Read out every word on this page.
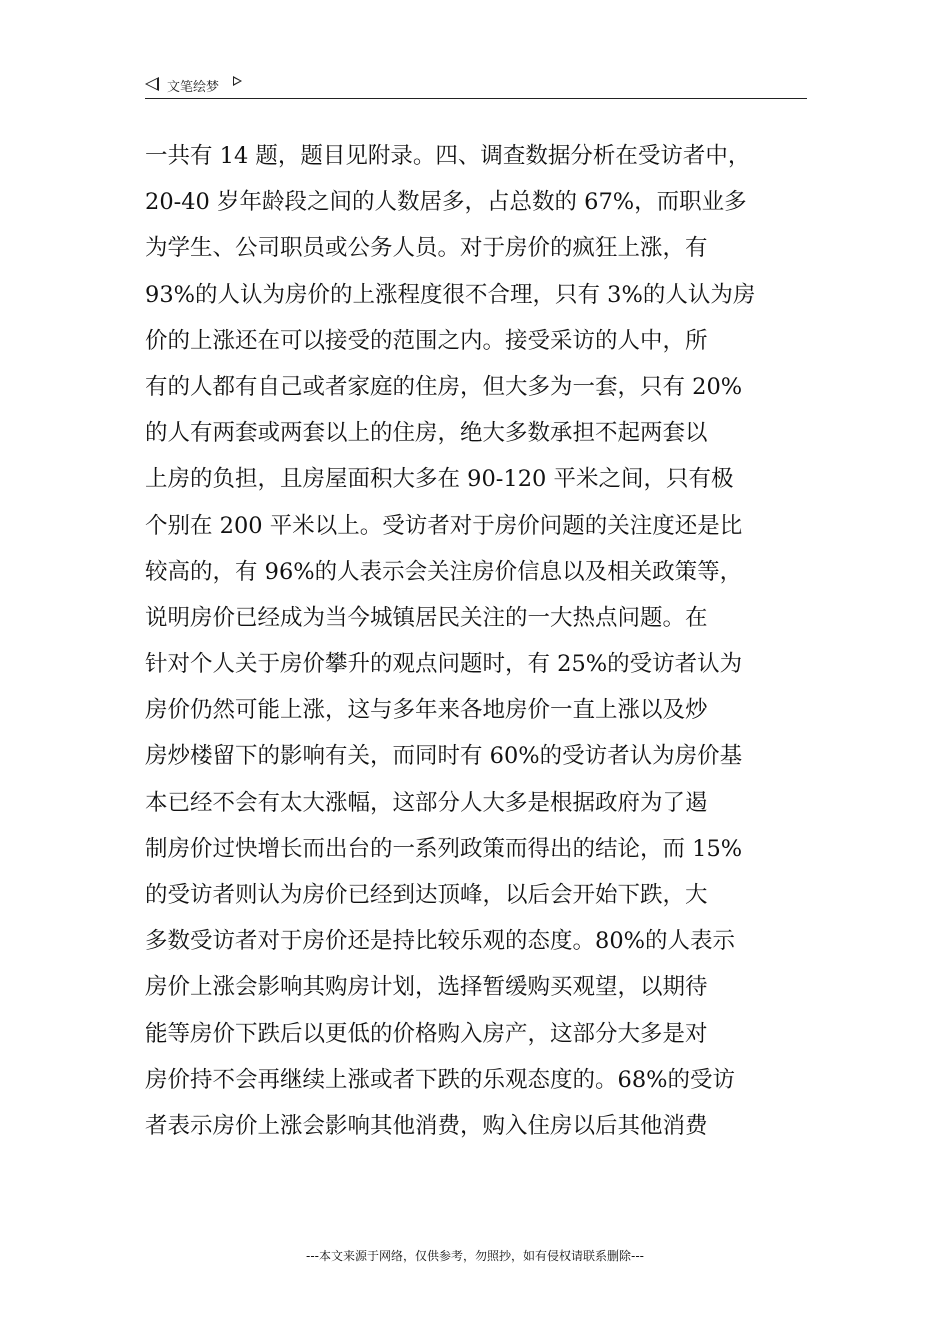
文笔绘梦
一共有 14 题，题目见附录。四、调查数据分析在受访者中，
20-40 岁年龄段之间的人数居多，占总数的 67%，而职业多
为学生、公司职员或公务人员。对于房价的疯狂上涨，有
93%的人认为房价的上涨程度很不合理，只有 3%的人认为房
价的上涨还在可以接受的范围之内。接受采访的人中，所
有的人都有自己或者家庭的住房，但大多为一套，只有 20%
的人有两套或两套以上的住房，绝大多数承担不起两套以
上房的负担，且房屋面积大多在 90-120 平米之间，只有极
个别在 200 平米以上。受访者对于房价问题的关注度还是比
较高的，有 96%的人表示会关注房价信息以及相关政策等，
说明房价已经成为当今城镇居民关注的一大热点问题。在
针对个人关于房价攀升的观点问题时，有 25%的受访者认为
房价仍然可能上涨，这与多年来各地房价一直上涨以及炒
房炒楼留下的影响有关，而同时有 60%的受访者认为房价基
本已经不会有太大涨幅，这部分人大多是根据政府为了遏
制房价过快增长而出台的一系列政策而得出的结论，而 15%
的受访者则认为房价已经到达顶峰，以后会开始下跌，大
多数受访者对于房价还是持比较乐观的态度。80%的人表示
房价上涨会影响其购房计划，选择暂缓购买观望，以期待
能等房价下跌后以更低的价格购入房产，这部分大多是对
房价持不会再继续上涨或者下跌的乐观态度的。68%的受访
者表示房价上涨会影响其他消费，购入住房以后其他消费
---本文来源于网络，仅供参考，勿照抄，如有侵权请联系删除---
